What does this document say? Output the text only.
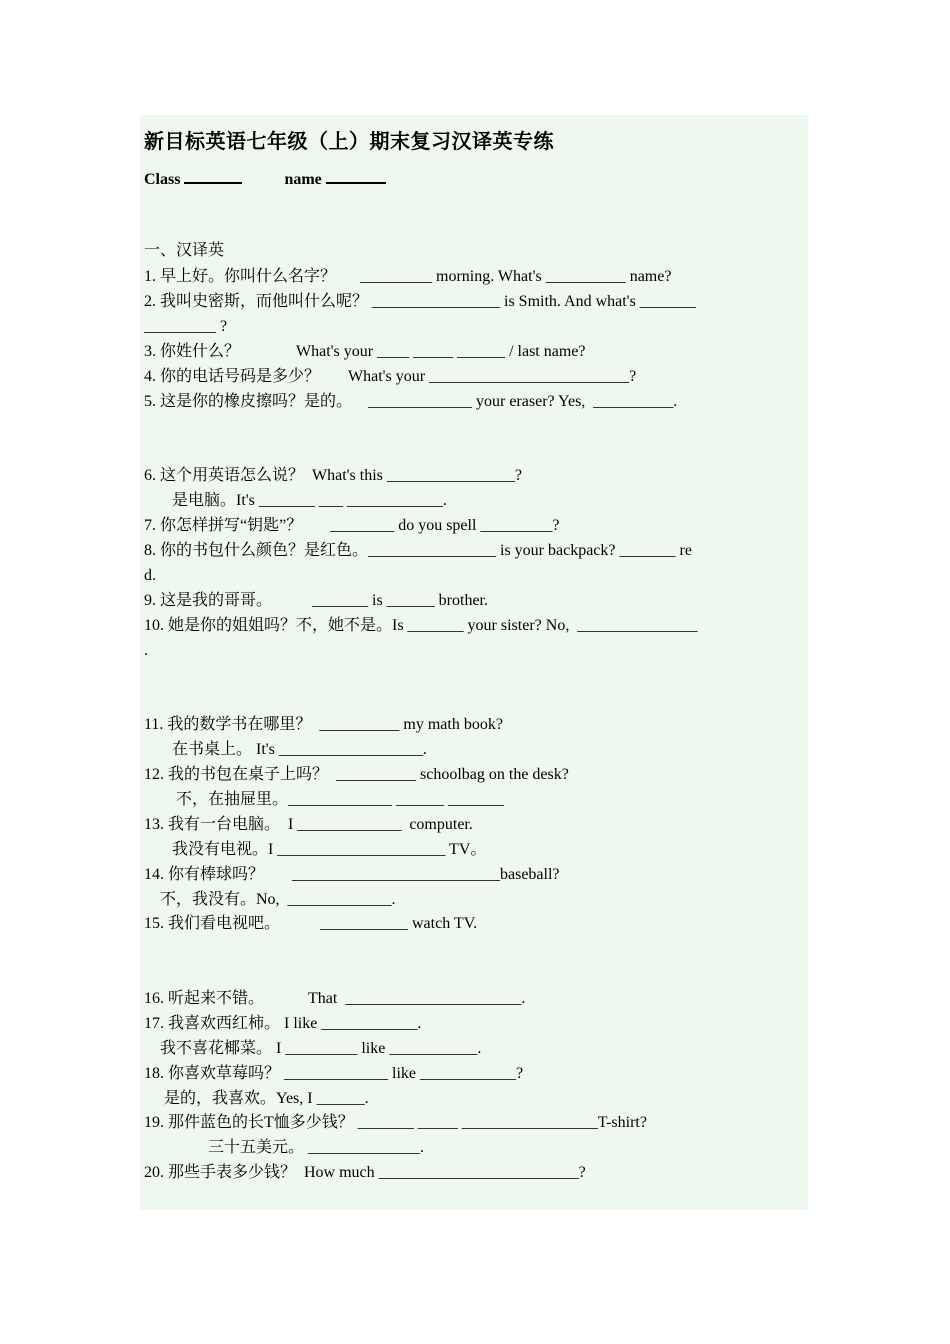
新目标英语七年级（上）期末复习汉译英专练
Class	name
一、汉译英
1. 早上好。你叫什么名字？      _________ morning. What's __________ name?
2. 我叫史密斯，而他叫什么呢？ ________________ is Smith. And what's _______
_________ ?
3. 你姓什么？              What's your ____ _____ ______ / last name?
4. 你的电话号码是多少？       What's your _________________________?
5. 这是你的橡皮擦吗？是的。    _____________ your eraser? Yes,  __________.
6. 这个用英语怎么说？  What's this ________________?
是电脑。It's _______ ___ ____________.
7. 你怎样拼写“钥匙”？       ________ do you spell _________?
8. 你的书包什么颜色？是红色。________________ is your backpack? _______ re
d.
9. 这是我的哥哥。          _______ is ______ brother.
10. 她是你的姐姐吗？不，她不是。Is _______ your sister? No,  _______________
.
11. 我的数学书在哪里？  __________ my math book?
在书桌上。 It's __________________.
12. 我的书包在桌子上吗？  __________ schoolbag on the desk?
不，在抽屉里。_____________ ______ _______
13. 我有一台电脑。  I _____________  computer.
我没有电视。I _____________________ TV。
14. 你有棒球吗？       __________________________baseball?
不，我没有。No,  _____________.
15. 我们看电视吧。          ___________ watch TV.
16. 听起来不错。           That  ______________________.
17. 我喜欢西红柿。 I like ____________.
我不喜花椰菜。 I _________ like ___________.
18. 你喜欢草莓吗？ _____________ like ____________?
是的，我喜欢。Yes, I ______.
19. 那件蓝色的长T恤多少钱？ _______ _____ _________________T-shirt?
三十五美元。 ______________.
20. 那些手表多少钱？  How much _________________________?
